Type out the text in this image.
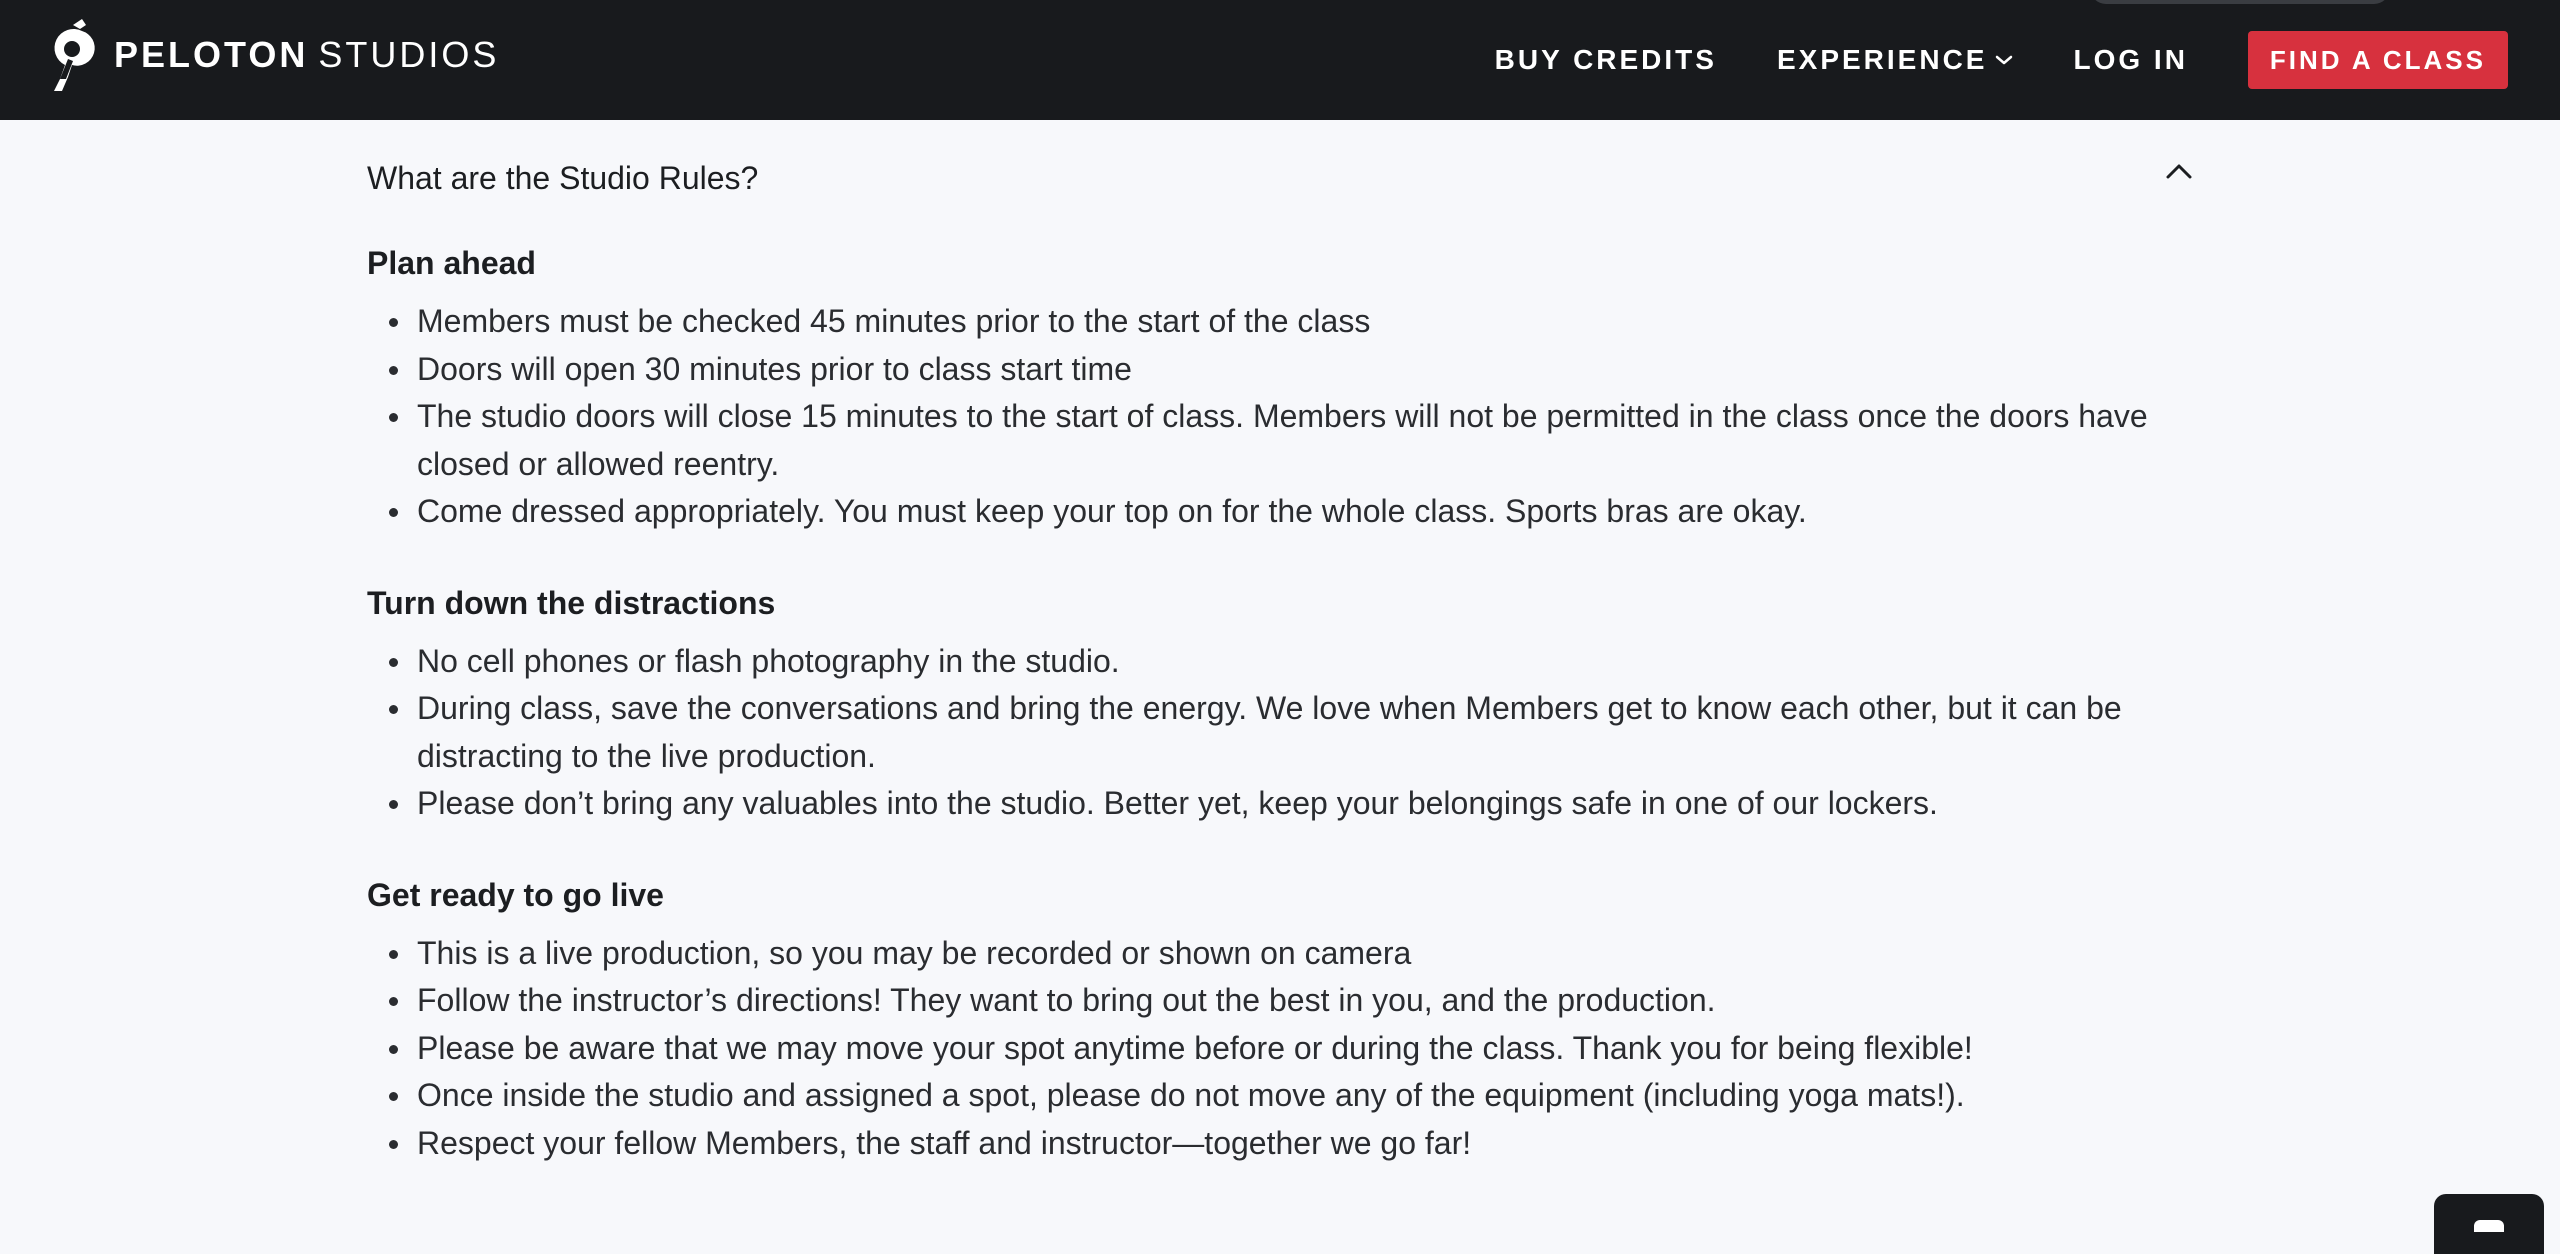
PELOTON STUDIOS	BUY CREDITS EXPERIENCE	LOG IN	FIND A CLASS
What are the Studio Rules?
Plan ahead
Members must be checked 45 minutes prior to the start of the class
Doors will open 30 minutes prior to class start time
The studio doors will close 15 minutes to the start of class. Members will not be permitted in the class once the doors have closed or allowed reentry.
Come dressed appropriately. You must keep your top on for the whole class. Sports bras are okay.
Turn down the distractions
No cell phones or flash photography in the studio.
During class, save the conversations and bring the energy. We love when Members get to know each other, but it can be distracting to the live production.
Please don’t bring any valuables into the studio. Better yet, keep your belongings safe in one of our lockers.
Get ready to go live
This is a live production, so you may be recorded or shown on camera
Follow the instructor’s directions! They want to bring out the best in you, and the production.
Please be aware that we may move your spot anytime before or during the class. Thank you for being flexible!
Once inside the studio and assigned a spot, please do not move any of the equipment (including yoga mats!).
Respect your fellow Members, the staff and instructor—together we go far!
